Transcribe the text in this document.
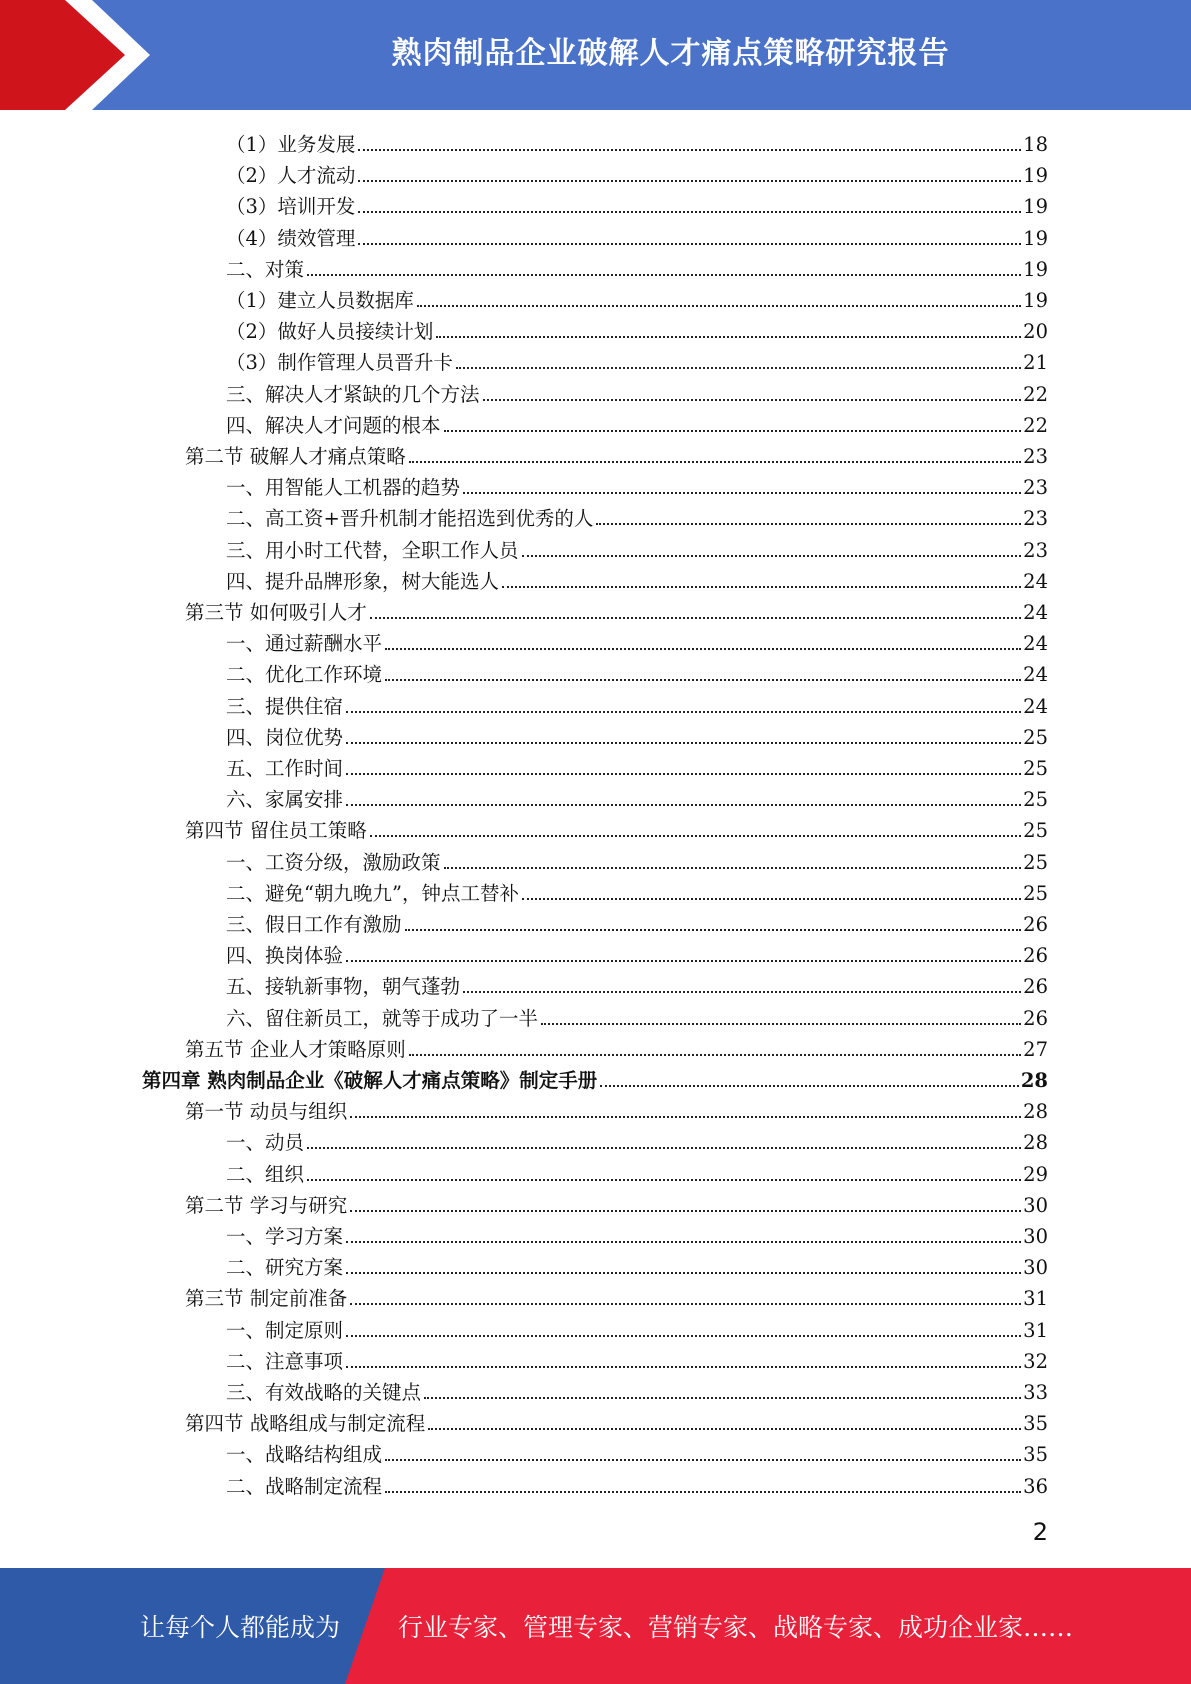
熟肉制品企业破解人才痛点策略研究报告
（1）业务发展	18
（2）人才流动	19
（3）培训开发	19
（4）绩效管理	19
二、对策	19
（1）建立人员数据库	19
（2）做好人员接续计划	20
（3）制作管理人员晋升卡	21
三、解决人才紧缺的几个方法	22
四、解决人才问题的根本	22
第二节 破解人才痛点策略	23
一、用智能人工机器的趋势	23
二、高工资+晋升机制才能招选到优秀的人	23
三、用小时工代替，全职工作人员	23
四、提升品牌形象，树大能选人	24
第三节 如何吸引人才	24
一、通过薪酬水平	24
二、优化工作环境	24
三、提供住宿	24
四、岗位优势	25
五、工作时间	25
六、家属安排	25
第四节 留住员工策略	25
一、工资分级，激励政策	25
二、避免“朝九晚九”，钟点工替补	25
三、假日工作有激励	26
四、换岗体验	26
五、接轨新事物，朝气蓬勃	26
六、留住新员工，就等于成功了一半	26
第五节 企业人才策略原则	27
第四章 熟肉制品企业《破解人才痛点策略》制定手册	28
第一节 动员与组织	28
一、动员	28
二、组织	29
第二节 学习与研究	30
一、学习方案	30
二、研究方案	30
第三节 制定前准备	31
一、制定原则	31
二、注意事项	32
三、有效战略的关键点	33
第四节 战略组成与制定流程	35
一、战略结构组成	35
二、战略制定流程	36
2
让每个人都能成为 行业专家、管理专家、营销专家、战略专家、成功企业家……
